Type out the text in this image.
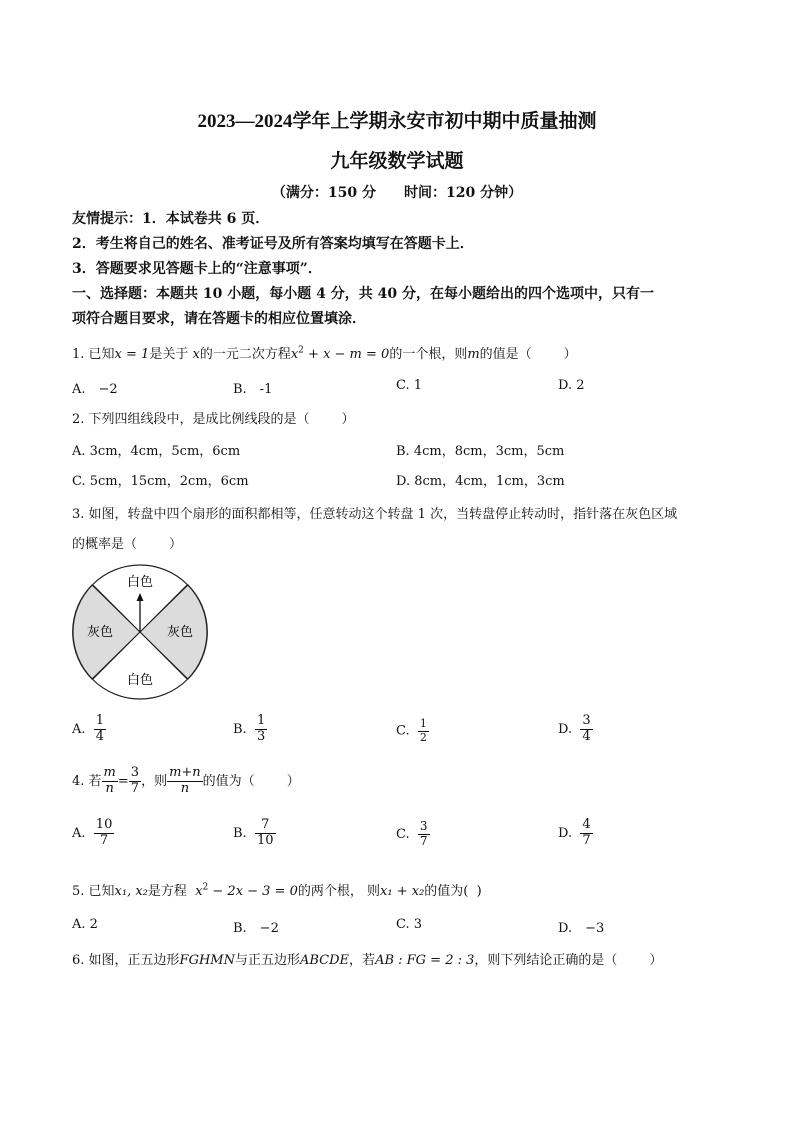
2023—2024学年上学期永安市初中期中质量抽测
九年级数学试题
（满分：150 分　　时间：120 分钟）
友情提示：1．本试卷共 6 页．
2．考生将自己的姓名、准考证号及所有答案均填写在答题卡上．
3．答题要求见答题卡上的“注意事项”．
一、选择题：本题共 10 小题，每小题 4 分，共 40 分，在每小题给出的四个选项中，只有一
项符合题目要求，请在答题卡的相应位置填涂．
1. 已知x = 1是关于 x的一元二次方程$x^2 + x - m = 0$的一个根，则m的值是（ ）
A.　−2	B.　-1	C. 1	D. 2
2. 下列四组线段中，是成比例线段的是（ ）
A. 3cm，4cm，5cm，6cm	B. 4cm，8cm，3cm，5cm
C. 5cm，15cm，2cm，6cm	D. 8cm，4cm，1cm，3cm
3. 如图，转盘中四个扇形的面积都相等，任意转动这个转盘 1 次，当转盘停止转动时，指针落在灰色区域
的概率是（ ）
白色
灰色	灰色
白色
A. $\frac{1}{4}$	B. $\frac{1}{3}$	C. $\frac{1}{2}$	D. $\frac{3}{4}$
4. 若 $\frac{m}{n} = \frac{3}{7}$ ，则 $\frac{m+n}{n}$ 的值为（ ）
A. $\frac{10}{7}$	B. $\frac{7}{10}$	C. $\frac{3}{7}$	D. $\frac{4}{7}$
5. 已知x₁, x₂是方程 $x^2 - 2x - 3 = 0$的两个根， 则x₁ + x₂的值为( )
A. 2	B.　−2	C. 3	D.　−3
6. 如图，正五边形FGHMN与正五边形ABCDE，若AB : FG = 2 : 3，则下列结论正确的是（ ）
